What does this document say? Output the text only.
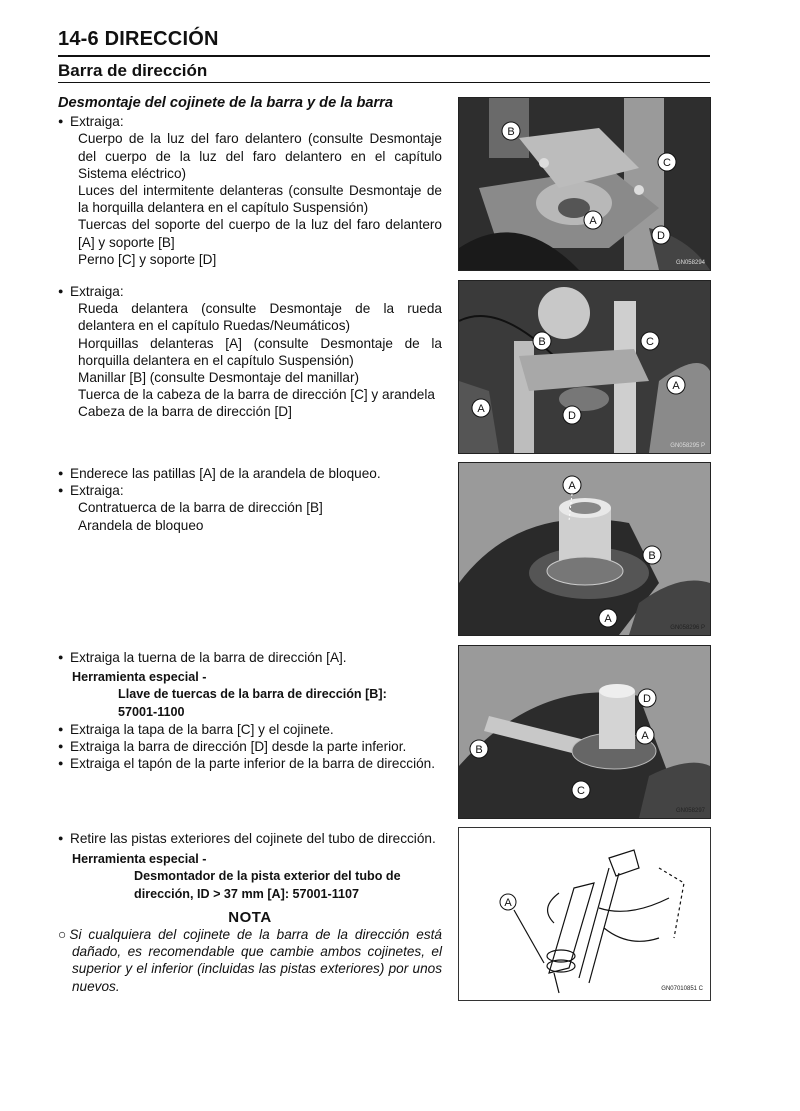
14-6 DIRECCIÓN
Barra de dirección
Desmontaje del cojinete de la barra y de la barra
● Extraiga:
Cuerpo de la luz del faro delantero (consulte Desmontaje del cuerpo de la luz del faro delantero en el capítulo Sistema eléctrico)
Luces del intermitente delanteras (consulte Desmontaje de la horquilla delantera en el capítulo Suspensión)
Tuercas del soporte del cuerpo de la luz del faro delantero [A] y soporte [B]
Perno [C] y soporte [D]
● Extraiga:
Rueda delantera (consulte Desmontaje de la rueda delantera en el capítulo Ruedas/Neumáticos)
Horquillas delanteras [A] (consulte Desmontaje de la horquilla delantera en el capítulo Suspensión)
Manillar [B] (consulte Desmontaje del manillar)
Tuerca de la cabeza de la barra de dirección [C] y arandela
Cabeza de la barra de dirección [D]
● Enderece las patillas [A] de la arandela de bloqueo.
● Extraiga:
Contratuerca de la barra de dirección [B]
Arandela de bloqueo
● Extraiga la tuerna de la barra de dirección [A].
Herramienta especial -
Llave de tuercas de la barra de dirección [B]:
57001-1100
● Extraiga la tapa de la barra [C] y el cojinete.
● Extraiga la barra de dirección [D] desde la parte inferior.
● Extraiga el tapón de la parte inferior de la barra de dirección.
● Retire las pistas exteriores del cojinete del tubo de dirección.
Herramienta especial -
Desmontador de la pista exterior del tubo de dirección, ID > 37 mm [A]: 57001-1107
NOTA
○Si cualquiera del cojinete de la barra de la dirección está dañado, es recomendable que cambie ambos cojinetes, el superior y el inferior (incluidas las pistas exteriores) por unos nuevos.
B
C
A
D
GN058294
B	C
A
A
D
GN058295 P
A
B
A
GN058296 P
D
A
B
C
GN058297
A
GN07010851 C
